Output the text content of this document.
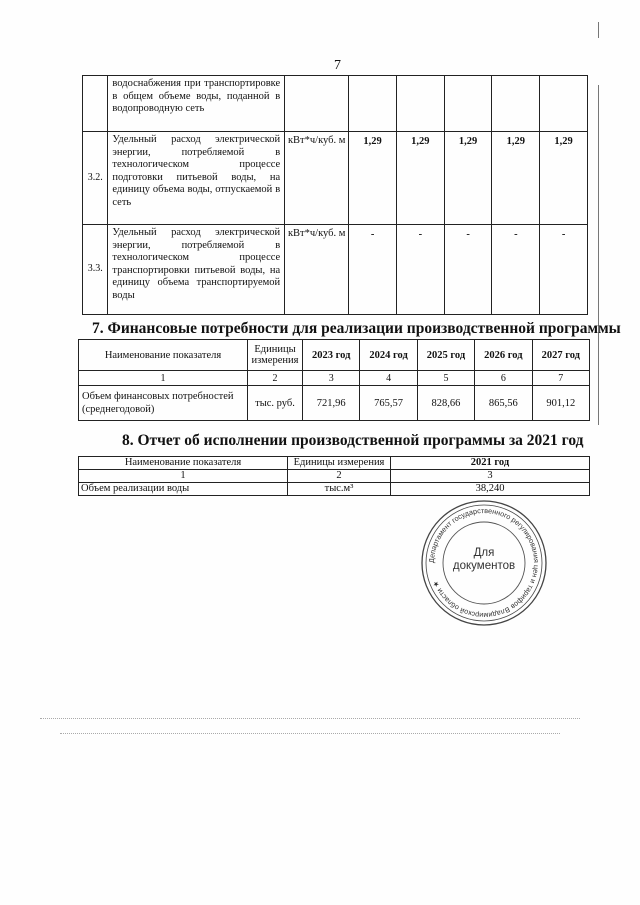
7
	водоснабжения при транспортировке в общем объеме воды, поданной в водопроводную сеть						
3.2.	Удельный расход электрической энергии, потребляемой в технологическом процессе подготовки питьевой воды, на единицу объема воды, отпускаемой в сеть	кВт*ч/куб. м	1,29	1,29	1,29	1,29	1,29
3.3.	Удельный расход электрической энергии, потребляемой в технологическом процессе транспортировки питьевой воды, на единицу объема транспортируемой воды	кВт*ч/куб. м	-	-	-	-	-
7. Финансовые потребности для реализации производственной программы
Наименование показателя	Единицы измерения	2023 год	2024 год	2025 год	2026 год	2027 год
1	2	3	4	5	6	7
Объем финансовых потребностей (среднегодовой)	тыс. руб.	721,96	765,57	828,66	865,56	901,12
8. Отчет об исполнении производственной программы за 2021 год
Наименование показателя	Единицы измерения	2021 год
1	2	3
Объем реализации воды	тыс.м³	38,240
Департамент государственного регулирования цен и тарифов Владимирской области ★
Для
документов
